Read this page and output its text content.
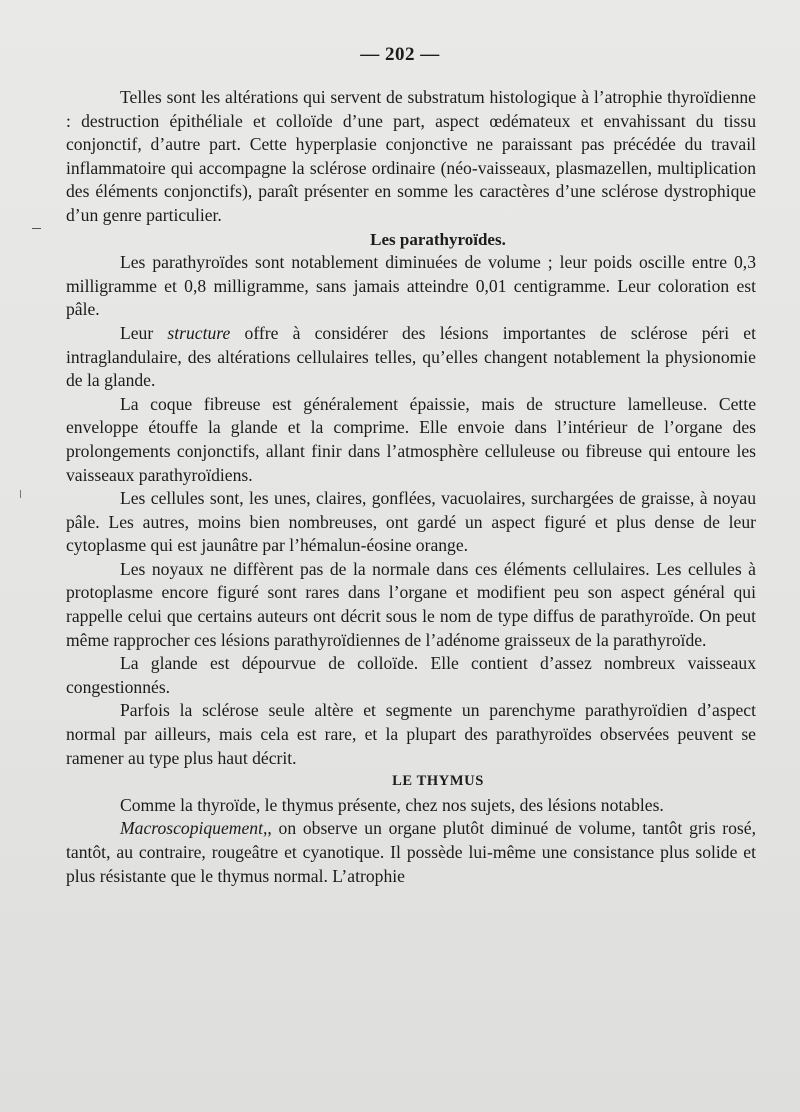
— 202 —

Telles sont les altérations qui servent de substratum histologique à l’atrophie thyroïdienne : destruction épithéliale et colloïde d’une part, aspect œdémateux et envahissant du tissu conjonctif, d’autre part. Cette hyperplasie conjonctive ne paraissant pas précédée du travail inflammatoire qui accompagne la sclérose ordinaire (néo-vaisseaux, plasmazellen, multiplication des éléments conjonctifs), paraît présenter en somme les caractères d’une sclérose dystrophique d’un genre particulier.

Les parathyroïdes.

Les parathyroïdes sont notablement diminuées de volume ; leur poids oscille entre 0,3 milligramme et 0,8 milligramme, sans jamais atteindre 0,01 centigramme. Leur coloration est pâle.

Leur structure offre à considérer des lésions importantes de sclérose péri et intraglandulaire, des altérations cellulaires telles, qu’elles changent notablement la physionomie de la glande.

La coque fibreuse est généralement épaissie, mais de structure lamelleuse. Cette enveloppe étouffe la glande et la comprime. Elle envoie dans l’intérieur de l’organe des prolongements conjonctifs, allant finir dans l’atmosphère celluleuse ou fibreuse qui entoure les vaisseaux parathyroïdiens.

Les cellules sont, les unes, claires, gonflées, vacuolaires, surchargées de graisse, à noyau pâle. Les autres, moins bien nombreuses, ont gardé un aspect figuré et plus dense de leur cytoplasme qui est jaunâtre par l’hémalun-éosine orange.

Les noyaux ne diffèrent pas de la normale dans ces éléments cellulaires. Les cellules à protoplasme encore figuré sont rares dans l’organe et modifient peu son aspect général qui rappelle celui que certains auteurs ont décrit sous le nom de type diffus de parathyroïde. On peut même rapprocher ces lésions parathyroïdiennes de l’adénome graisseux de la parathyroïde.

La glande est dépourvue de colloïde. Elle contient d’assez nombreux vaisseaux congestionnés.

Parfois la sclérose seule altère et segmente un parenchyme parathyroïdien d’aspect normal par ailleurs, mais cela est rare, et la plupart des parathyroïdes observées peuvent se ramener au type plus haut décrit.

LE THYMUS

Comme la thyroïde, le thymus présente, chez nos sujets, des lésions notables.

Macroscopiquement,, on observe un organe plutôt diminué de volume, tantôt gris rosé, tantôt, au contraire, rougeâtre et cyanotique. Il possède lui-même une consistance plus solide et plus résistante que le thymus normal. L’atrophie
